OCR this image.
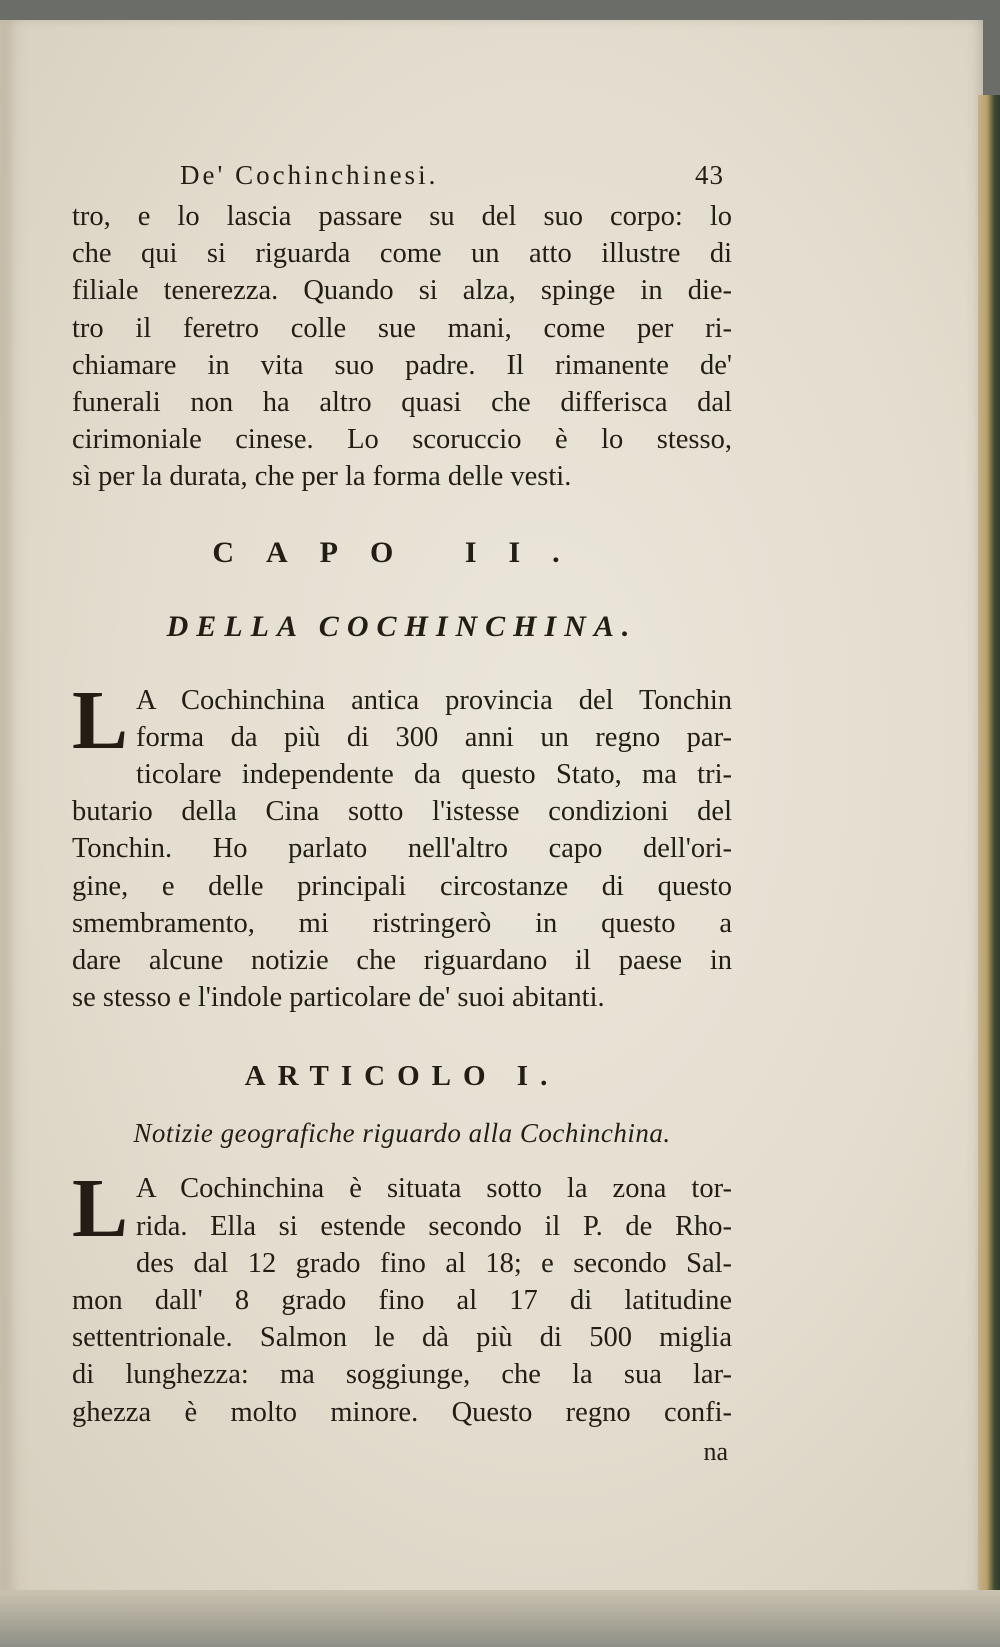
De' Cochinchinesi.	43
tro, e lo lascia passare su del suo corpo: lo
che qui si riguarda come un atto illustre di
filiale tenerezza. Quando si alza, spinge in die-
tro il feretro colle sue mani, come per ri-
chiamare in vita suo padre. Il rimanente de'
funerali non ha altro quasi che differisca dal
cirimoniale cinese. Lo scoruccio è lo stesso,
sì per la durata, che per la forma delle vesti.
CAPO II.
DELLA COCHINCHINA.
L A Cochinchina antica provincia del Tonchin
forma da più di 300 anni un regno par-
ticolare independente da questo Stato, ma tri-
butario della Cina sotto l'istesse condizioni del
Tonchin. Ho parlato nell'altro capo dell'ori-
gine, e delle principali circostanze di questo
smembramento, mi ristringerò in questo a
dare alcune notizie che riguardano il paese in
se stesso e l'indole particolare de' suoi abitanti.
ARTICOLO I.
Notizie geografiche riguardo alla Cochinchina.
L A Cochinchina è situata sotto la zona tor-
rida. Ella si estende secondo il P. de Rho-
des dal 12 grado fino al 18; e secondo Sal-
mon dall' 8 grado fino al 17 di latitudine
settentrionale. Salmon le dà più di 500 miglia
di lunghezza: ma soggiunge, che la sua lar-
ghezza è molto minore. Questo regno confi-
na
